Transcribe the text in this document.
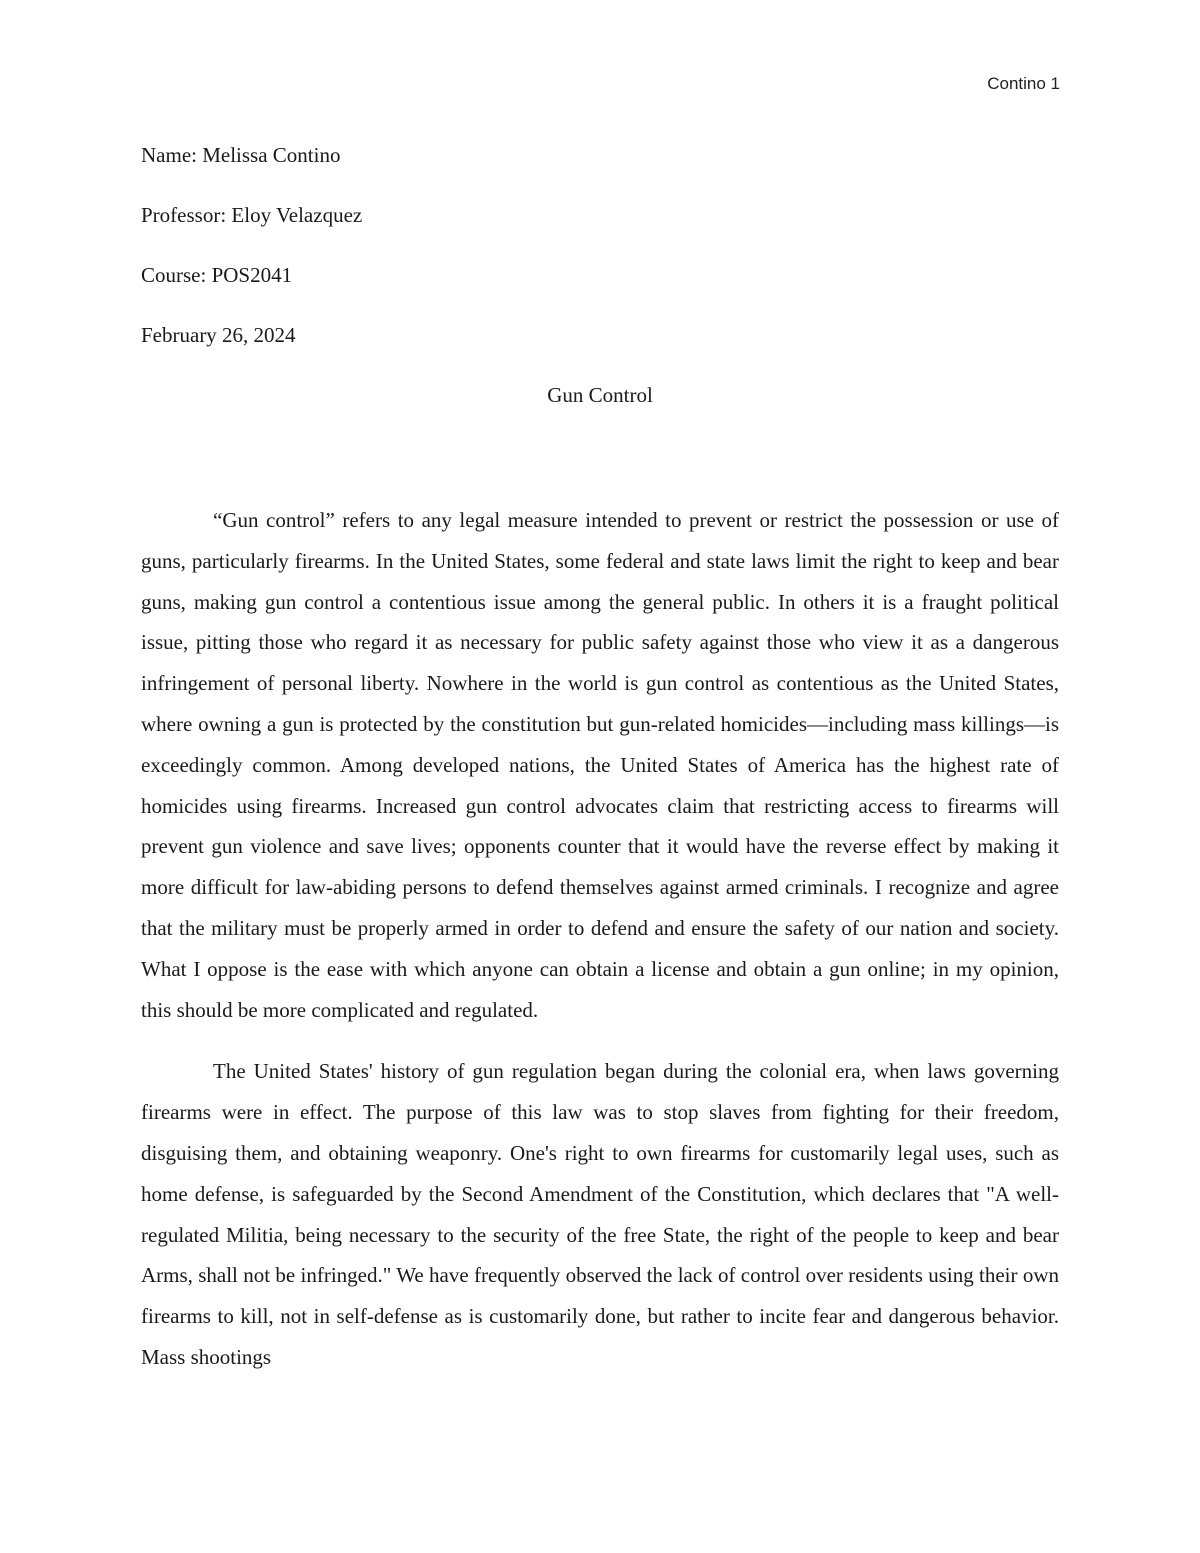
Contino 1
Name: Melissa Contino
Professor: Eloy Velazquez
Course: POS2041
February 26, 2024
Gun Control

“Gun control” refers to any legal measure intended to prevent or restrict the possession or use of guns, particularly firearms. In the United States, some federal and state laws limit the right to keep and bear guns, making gun control a contentious issue among the general public. In others it is a fraught political issue, pitting those who regard it as necessary for public safety against those who view it as a dangerous infringement of personal liberty. Nowhere in the world is gun control as contentious as the United States, where owning a gun is protected by the constitution but gun-related homicides—including mass killings—is exceedingly common. Among developed nations, the United States of America has the highest rate of homicides using firearms. Increased gun control advocates claim that restricting access to firearms will prevent gun violence and save lives; opponents counter that it would have the reverse effect by making it more difficult for law-abiding persons to defend themselves against armed criminals. I recognize and agree that the military must be properly armed in order to defend and ensure the safety of our nation and society. What I oppose is the ease with which anyone can obtain a license and obtain a gun online; in my opinion, this should be more complicated and regulated.

The United States' history of gun regulation began during the colonial era, when laws governing firearms were in effect. The purpose of this law was to stop slaves from fighting for their freedom, disguising them, and obtaining weaponry. One's right to own firearms for customarily legal uses, such as home defense, is safeguarded by the Second Amendment of the Constitution, which declares that "A well-regulated Militia, being necessary to the security of the free State, the right of the people to keep and bear Arms, shall not be infringed." We have frequently observed the lack of control over residents using their own firearms to kill, not in self-defense as is customarily done, but rather to incite fear and dangerous behavior. Mass shootings
